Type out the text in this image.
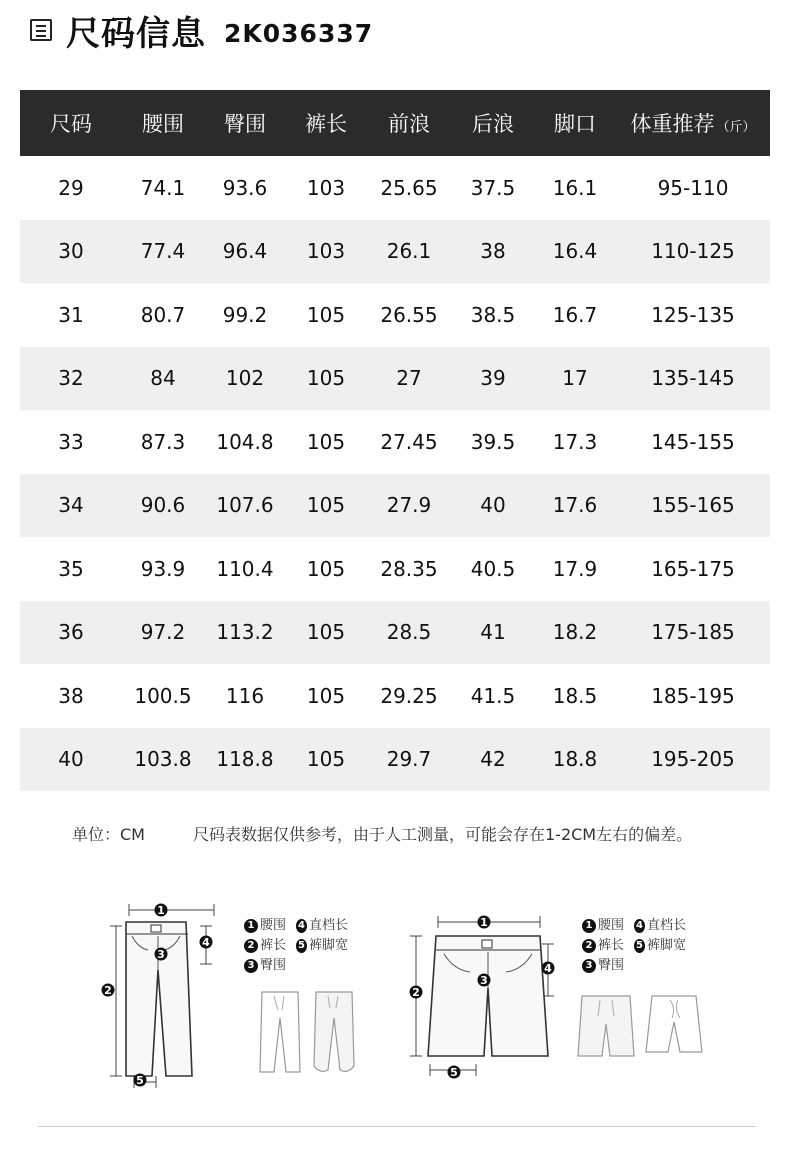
尺码信息 2K036337
尺码	腰围	臀围	裤长	前浪	后浪	脚口	体重推荐 （斤）
29	74.1	93.6	103	25.65	37.5	16.1	95-110
30	77.4	96.4	103	26.1	38	16.4	110-125
31	80.7	99.2	105	26.55	38.5	16.7	125-135
32	84	102	105	27	39	17	135-145
33	87.3	104.8	105	27.45	39.5	17.3	145-155
34	90.6	107.6	105	27.9	40	17.6	155-165
35	93.9	110.4	105	28.35	40.5	17.9	165-175
36	97.2	113.2	105	28.5	41	18.2	175-185
38	100.5	116	105	29.25	41.5	18.5	185-195
40	103.8	118.8	105	29.7	42	18.8	195-205
单位：CM	尺码表数据仅供参考，由于人工测量，可能会存在1-2CM左右的偏差。
1
2
3
4
5
1 腰围 4 直档长
2 裤长 5 裤脚宽
3 臀围
1
2
3
4
5
1 腰围 4 直档长
2 裤长 5 裤脚宽
3 臀围
